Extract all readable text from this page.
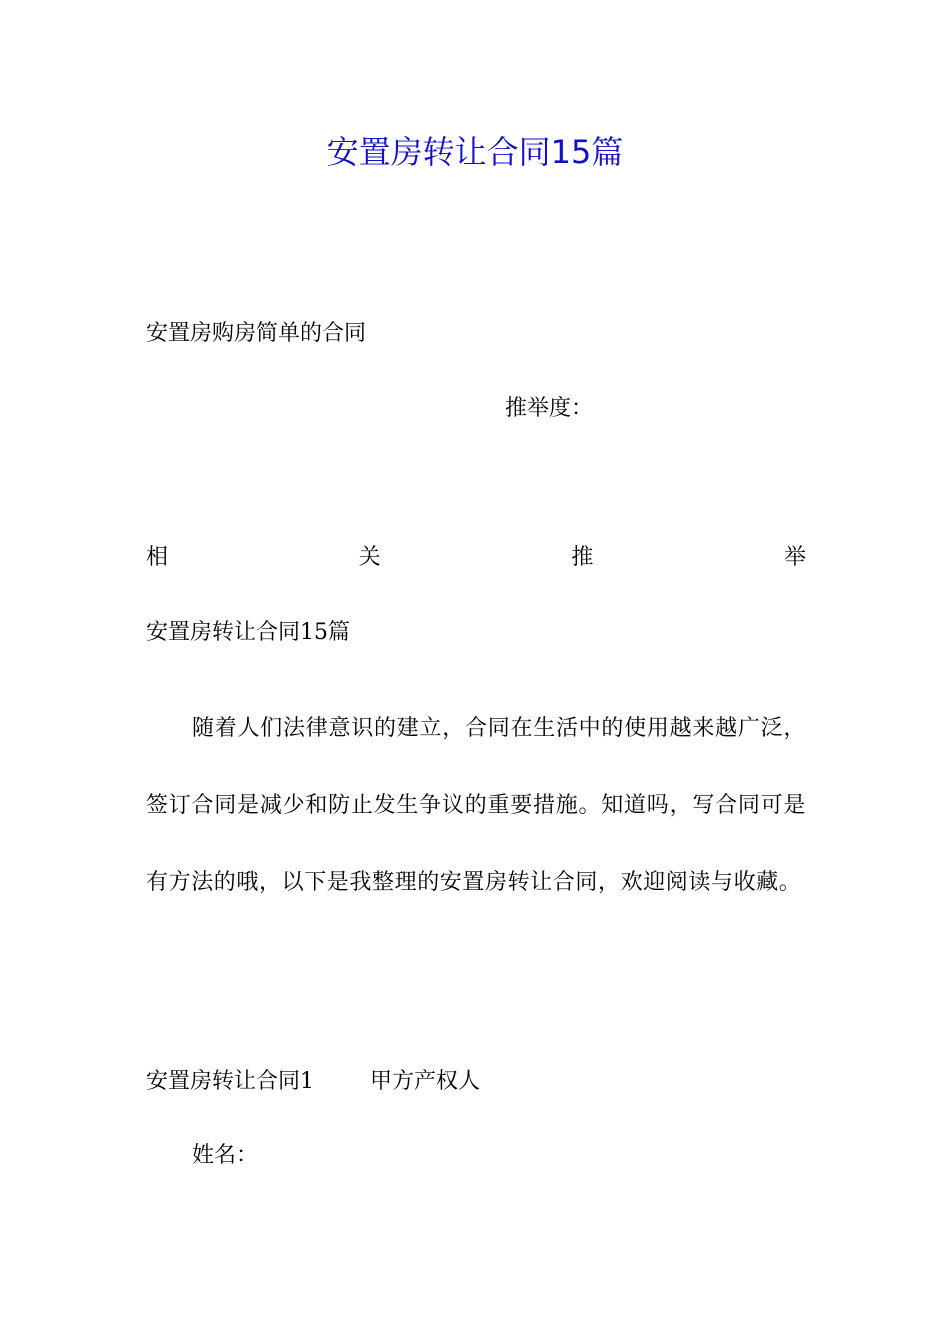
安置房转让合同15篇

安置房购房简单的合同

推举度：

相	关	推	举

安置房转让合同15篇

随着人们法律意识的建立，合同在生活中的使用越来越广泛，签订合同是减少和防止发生争议的重要措施。知道吗，写合同可是有方法的哦，以下是我整理的安置房转让合同，欢迎阅读与收藏。

安置房转让合同1	甲方产权人

姓名：
